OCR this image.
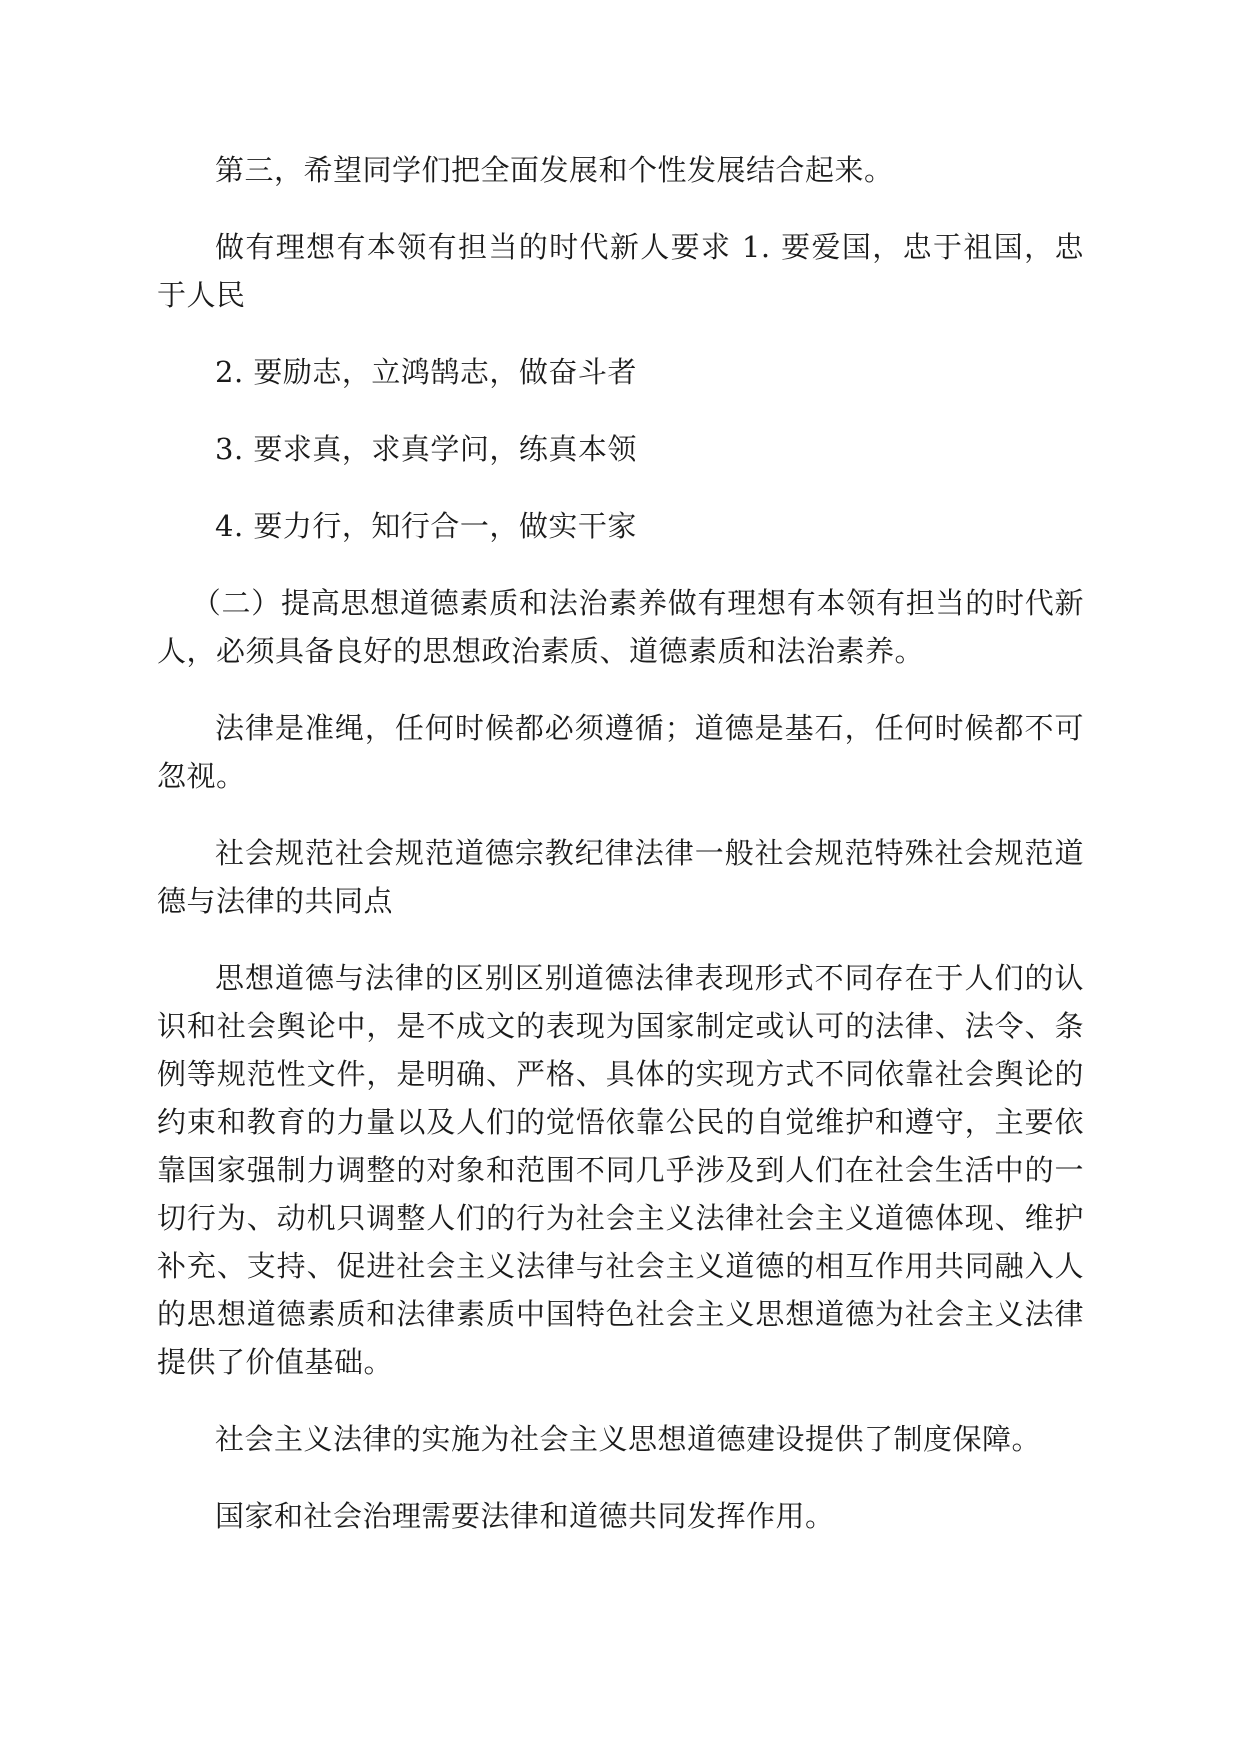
第三，希望同学们把全面发展和个性发展结合起来。

做有理想有本领有担当的时代新人要求 1. 要爱国，忠于祖国，忠于人民

2. 要励志，立鸿鹄志，做奋斗者

3. 要求真，求真学问，练真本领

4. 要力行，知行合一，做实干家

（二）提高思想道德素质和法治素养做有理想有本领有担当的时代新人，必须具备良好的思想政治素质、道德素质和法治素养。

法律是准绳，任何时候都必须遵循；道德是基石，任何时候都不可忽视。

社会规范社会规范道德宗教纪律法律一般社会规范特殊社会规范道德与法律的共同点

思想道德与法律的区别区别道德法律表现形式不同存在于人们的认识和社会舆论中，是不成文的表现为国家制定或认可的法律、法令、条例等规范性文件，是明确、严格、具体的实现方式不同依靠社会舆论的约束和教育的力量以及人们的觉悟依靠公民的自觉维护和遵守，主要依靠国家强制力调整的对象和范围不同几乎涉及到人们在社会生活中的一切行为、动机只调整人们的行为社会主义法律社会主义道德体现、维护补充、支持、促进社会主义法律与社会主义道德的相互作用共同融入人的思想道德素质和法律素质中国特色社会主义思想道德为社会主义法律提供了价值基础。

社会主义法律的实施为社会主义思想道德建设提供了制度保障。

国家和社会治理需要法律和道德共同发挥作用。
